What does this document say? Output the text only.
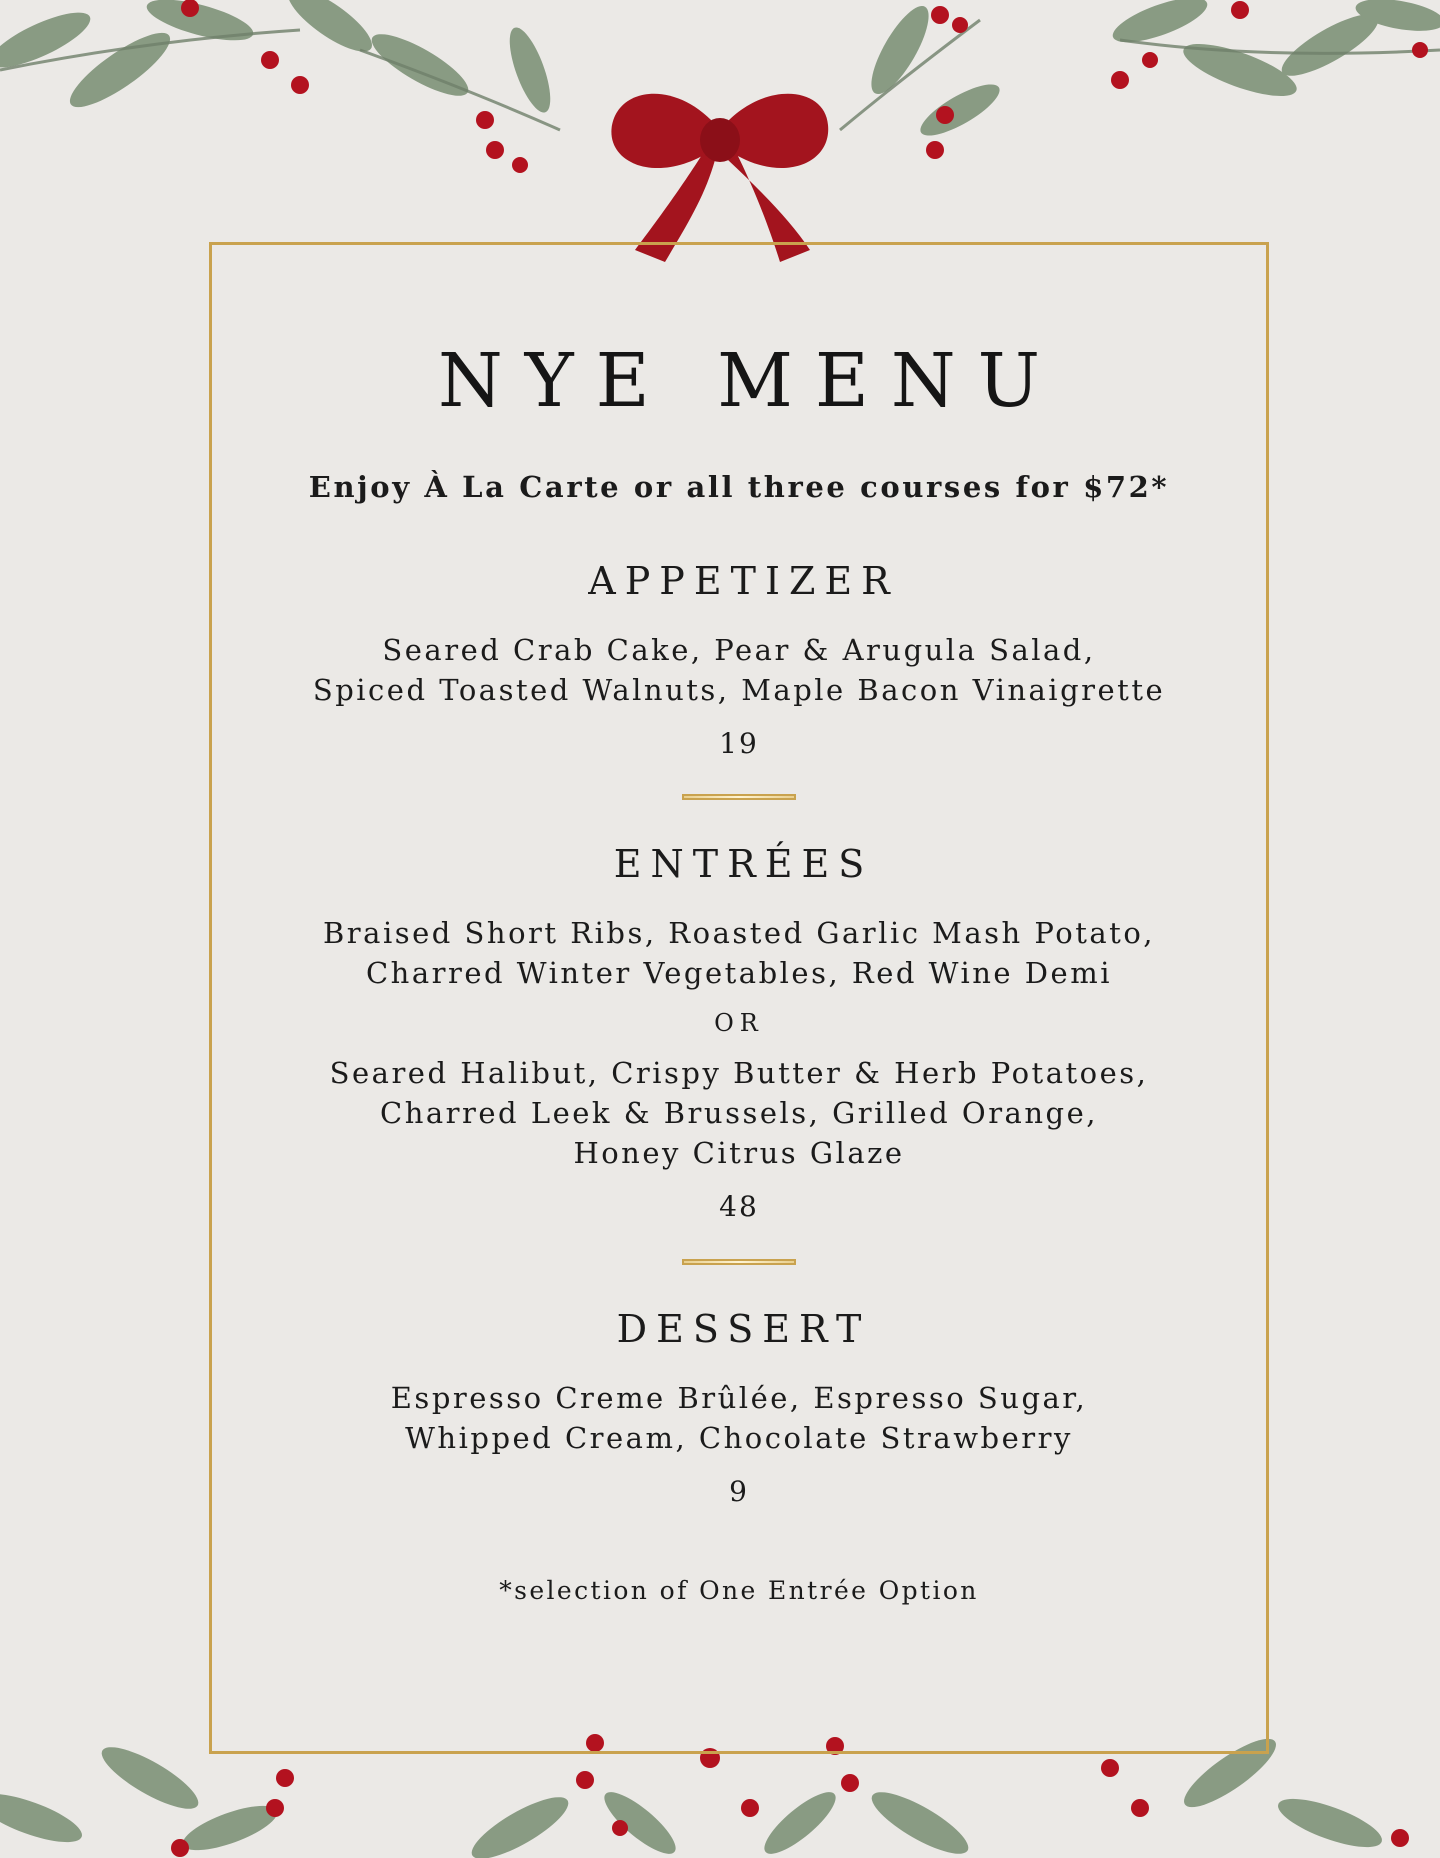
NYE MENU
Enjoy À La Carte or all three courses for $72*
APPETIZER
Seared Crab Cake, Pear & Arugula Salad,
Spiced Toasted Walnuts, Maple Bacon Vinaigrette
19
ENTRÉES
Braised Short Ribs, Roasted Garlic Mash Potato,
Charred Winter Vegetables, Red Wine Demi
OR
Seared Halibut, Crispy Butter & Herb Potatoes,
Charred Leek & Brussels, Grilled Orange,
Honey Citrus Glaze
48
DESSERT
Espresso Creme Brûlée, Espresso Sugar,
Whipped Cream, Chocolate Strawberry
9
*selection of One Entrée Option
